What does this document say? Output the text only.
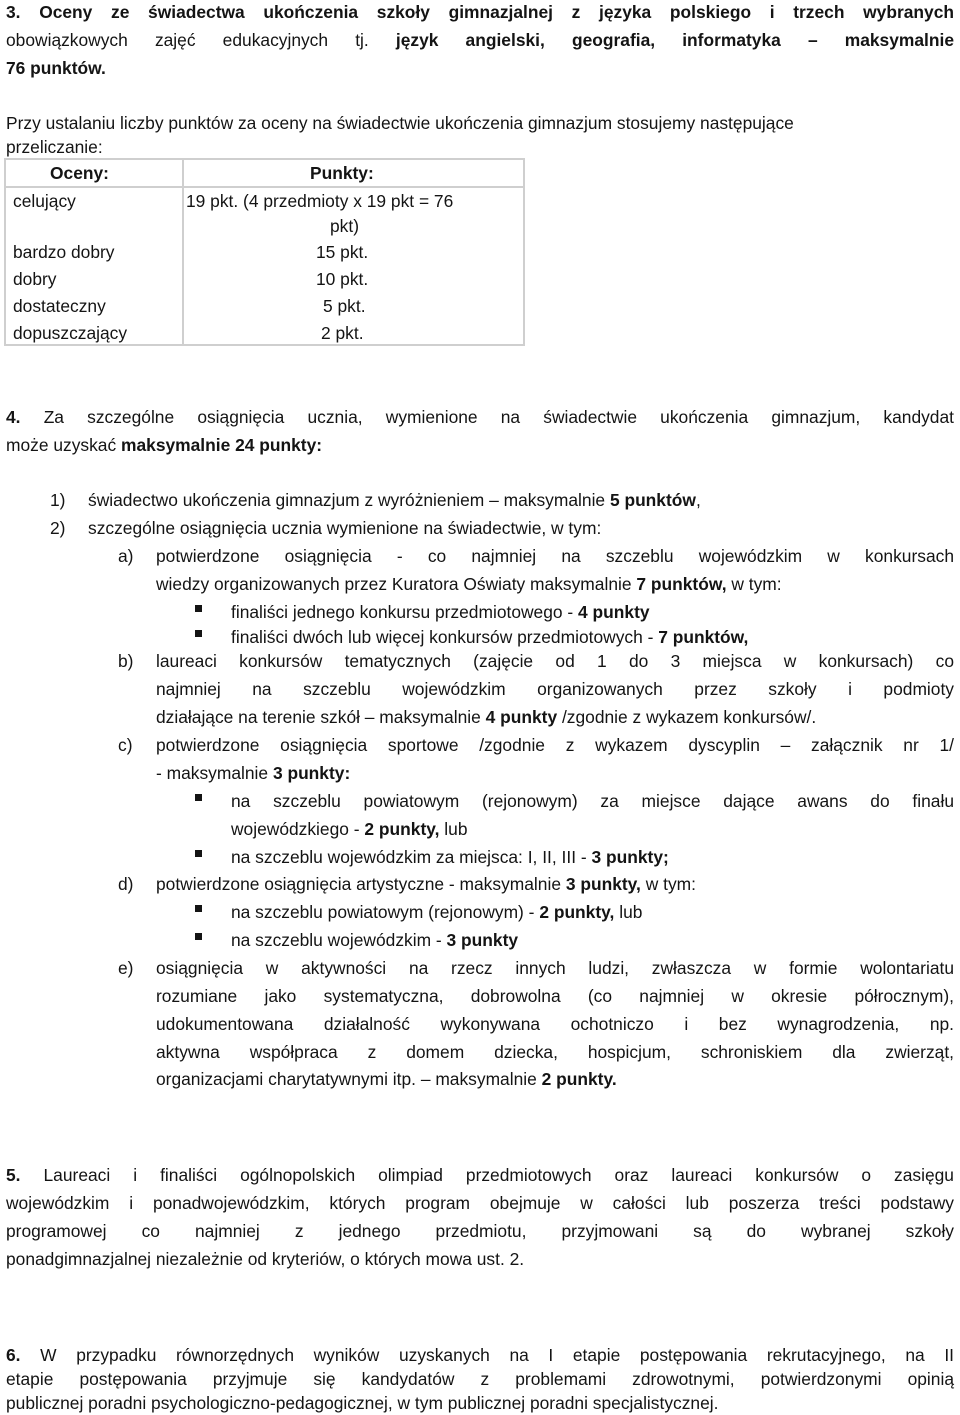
3. Oceny ze świadectwa ukończenia szkoły gimnazjalnej z języka polskiego i trzech wybranych
obowiązkowych zajęć edukacyjnych tj. język angielski, geografia, informatyka – maksymalnie
76 punktów.
Przy ustalaniu liczby punktów za oceny na świadectwie ukończenia gimnazjum stosujemy następujące
przeliczanie:
Oceny:	Punkty:
celujący	19 pkt. (4 przedmioty x 19 pkt = 76
pkt)
bardzo dobry	15 pkt.
dobry	10 pkt.
dostateczny	5 pkt.
dopuszczający	2 pkt.
4. Za szczególne osiągnięcia ucznia, wymienione na świadectwie ukończenia gimnazjum, kandydat
może uzyskać maksymalnie 24 punkty:
1) świadectwo ukończenia gimnazjum z wyróżnieniem – maksymalnie 5 punktów,
2) szczególne osiągnięcia ucznia wymienione na świadectwie, w tym:
a) potwierdzone osiągnięcia - co najmniej na szczeblu wojewódzkim w konkursach
wiedzy organizowanych przez Kuratora Oświaty maksymalnie 7 punktów, w tym:
finaliści jednego konkursu przedmiotowego - 4 punkty
finaliści dwóch lub więcej konkursów przedmiotowych - 7 punktów,
b) laureaci konkursów tematycznych (zajęcie od 1 do 3 miejsca w konkursach) co
najmniej na szczeblu wojewódzkim organizowanych przez szkoły i podmioty
działające na terenie szkół – maksymalnie 4 punkty /zgodnie z wykazem konkursów/.
c) potwierdzone osiągnięcia sportowe /zgodnie z wykazem dyscyplin – załącznik nr 1/
- maksymalnie 3 punkty:
na szczeblu powiatowym (rejonowym) za miejsce dające awans do finału
wojewódzkiego - 2 punkty, lub
na szczeblu wojewódzkim za miejsca: I, II, III - 3 punkty;
d) potwierdzone osiągnięcia artystyczne - maksymalnie 3 punkty, w tym:
na szczeblu powiatowym (rejonowym) - 2 punkty, lub
na szczeblu wojewódzkim - 3 punkty
e) osiągnięcia w aktywności na rzecz innych ludzi, zwłaszcza w formie wolontariatu
rozumiane jako systematyczna, dobrowolna (co najmniej w okresie półrocznym),
udokumentowana działalność wykonywana ochotniczo i bez wynagrodzenia, np.
aktywna współpraca z domem dziecka, hospicjum, schroniskiem dla zwierząt,
organizacjami charytatywnymi itp. – maksymalnie 2 punkty.
5. Laureaci i finaliści ogólnopolskich olimpiad przedmiotowych oraz laureaci konkursów o zasięgu
wojewódzkim i ponadwojewódzkim, których program obejmuje w całości lub poszerza treści podstawy
programowej co najmniej z jednego przedmiotu, przyjmowani są do wybranej szkoły
ponadgimnazjalnej niezależnie od kryteriów, o których mowa ust. 2.
6. W przypadku równorzędnych wyników uzyskanych na I etapie postępowania rekrutacyjnego, na II
etapie postępowania przyjmuje się kandydatów z problemami zdrowotnymi, potwierdzonymi opinią
publicznej poradni psychologiczno-pedagogicznej, w tym publicznej poradni specjalistycznej.
